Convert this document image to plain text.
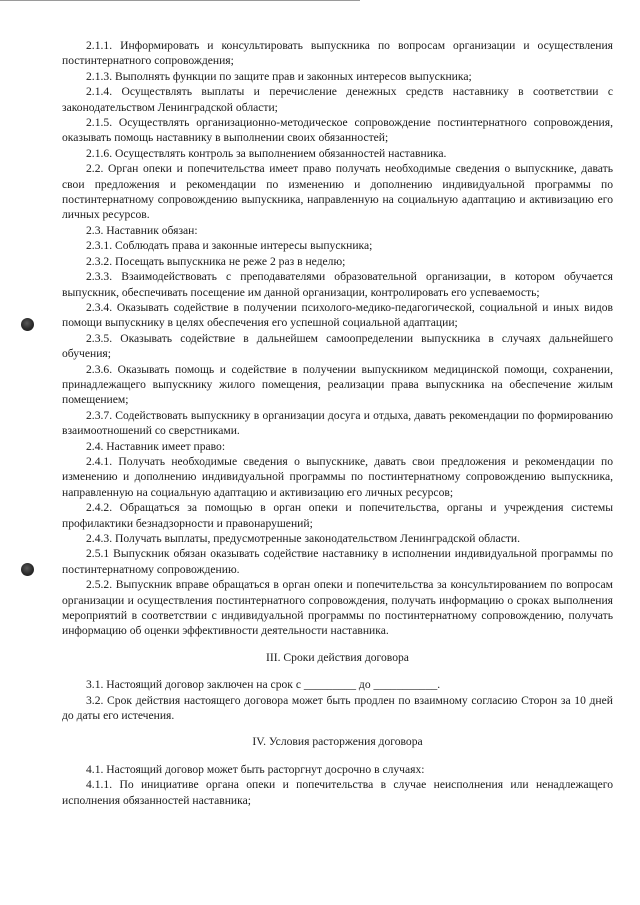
2.1.1. Информировать и консультировать выпускника по вопросам организации и осуществления постинтернатного сопровождения;

2.1.3. Выполнять функции по защите прав и законных интересов выпускника;

2.1.4. Осуществлять выплаты и перечисление денежных средств наставнику в соответствии с законодательством Ленинградской области;

2.1.5. Осуществлять организационно-методическое сопровождение постинтернатного сопровождения, оказывать помощь наставнику в выполнении своих обязанностей;

2.1.6. Осуществлять контроль за выполнением обязанностей наставника.

2.2. Орган опеки и попечительства имеет право получать необходимые сведения о выпускнике, давать свои предложения и рекомендации по изменению и дополнению индивидуальной программы по постинтернатному сопровождению выпускника, направленную на социальную адаптацию и активизацию его личных ресурсов.

2.3. Наставник обязан:

2.3.1. Соблюдать права и законные интересы выпускника;

2.3.2. Посещать выпускника не реже 2 раз в неделю;

2.3.3. Взаимодействовать с преподавателями образовательной организации, в котором обучается выпускник, обеспечивать посещение им данной организации, контролировать его успеваемость;

2.3.4. Оказывать содействие в получении психолого-медико-педагогической, социальной и иных видов помощи выпускнику в целях обеспечения его успешной социальной адаптации;

2.3.5. Оказывать содействие в дальнейшем самоопределении выпускника в случаях дальнейшего обучения;

2.3.6. Оказывать помощь и содействие в получении выпускником медицинской помощи, сохранении, принадлежащего выпускнику жилого помещения, реализации права выпускника на обеспечение жилым помещением;

2.3.7. Содействовать выпускнику в организации досуга и отдыха, давать рекомендации по формированию взаимоотношений со сверстниками.

2.4. Наставник имеет право:

2.4.1. Получать необходимые сведения о выпускнике, давать свои предложения и рекомендации по изменению и дополнению индивидуальной программы по постинтернатному сопровождению выпускника, направленную на социальную адаптацию и активизацию его личных ресурсов;

2.4.2. Обращаться за помощью в орган опеки и попечительства, органы и учреждения системы профилактики безнадзорности и правонарушений;

2.4.3. Получать выплаты, предусмотренные законодательством Ленинградской области.

2.5.1 Выпускник обязан оказывать содействие наставнику в исполнении индивидуальной программы по постинтернатному сопровождению.

2.5.2. Выпускник вправе обращаться в орган опеки и попечительства за консультированием по вопросам организации и осуществления постинтернатного сопровождения, получать информацию о сроках выполнения мероприятий в соответствии с индивидуальной программы по постинтернатному сопровождению, получать информацию об оценки эффективности деятельности наставника.

III. Сроки действия договора

3.1. Настоящий договор заключен на срок с _________ до ___________.

3.2. Срок действия настоящего договора может быть продлен по взаимному согласию Сторон за 10 дней до даты его истечения.

IV. Условия расторжения договора

4.1. Настоящий договор может быть расторгнут досрочно в случаях:

4.1.1. По инициативе органа опеки и попечительства в случае неисполнения или ненадлежащего исполнения обязанностей наставника;
